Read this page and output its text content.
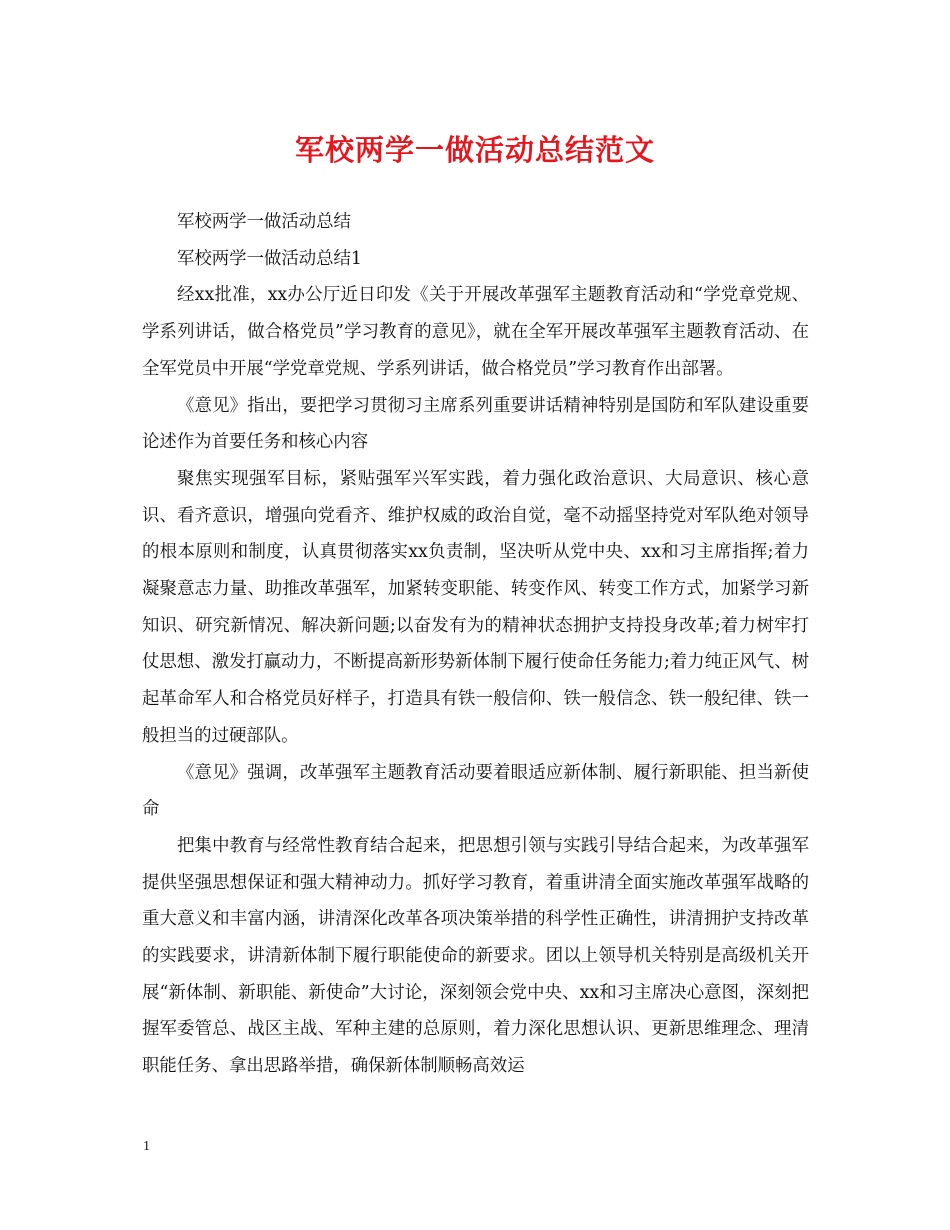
军校两学一做活动总结范文

军校两学一做活动总结

军校两学一做活动总结1

经xx批准，xx办公厅近日印发《关于开展改革强军主题教育活动和“学党章党规、学系列讲话，做合格党员”学习教育的意见》，就在全军开展改革强军主题教育活动、在全军党员中开展“学党章党规、学系列讲话，做合格党员”学习教育作出部署。

《意见》指出，要把学习贯彻习主席系列重要讲话精神特别是国防和军队建设重要论述作为首要任务和核心内容

聚焦实现强军目标，紧贴强军兴军实践，着力强化政治意识、大局意识、核心意识、看齐意识，增强向党看齐、维护权威的政治自觉，毫不动摇坚持党对军队绝对领导的根本原则和制度，认真贯彻落实xx负责制，坚决听从党中央、xx和习主席指挥;着力凝聚意志力量、助推改革强军，加紧转变职能、转变作风、转变工作方式，加紧学习新知识、研究新情况、解决新问题;以奋发有为的精神状态拥护支持投身改革;着力树牢打仗思想、激发打赢动力，不断提高新形势新体制下履行使命任务能力;着力纯正风气、树起革命军人和合格党员好样子，打造具有铁一般信仰、铁一般信念、铁一般纪律、铁一般担当的过硬部队。

《意见》强调，改革强军主题教育活动要着眼适应新体制、履行新职能、担当新使命

把集中教育与经常性教育结合起来，把思想引领与实践引导结合起来，为改革强军提供坚强思想保证和强大精神动力。抓好学习教育，着重讲清全面实施改革强军战略的重大意义和丰富内涵，讲清深化改革各项决策举措的科学性正确性，讲清拥护支持改革的实践要求，讲清新体制下履行职能使命的新要求。团以上领导机关特别是高级机关开展“新体制、新职能、新使命”大讨论，深刻领会党中央、xx和习主席决心意图，深刻把握军委管总、战区主战、军种主建的总原则，着力深化思想认识、更新思维理念、理清职能任务、拿出思路举措，确保新体制顺畅高效运

1
